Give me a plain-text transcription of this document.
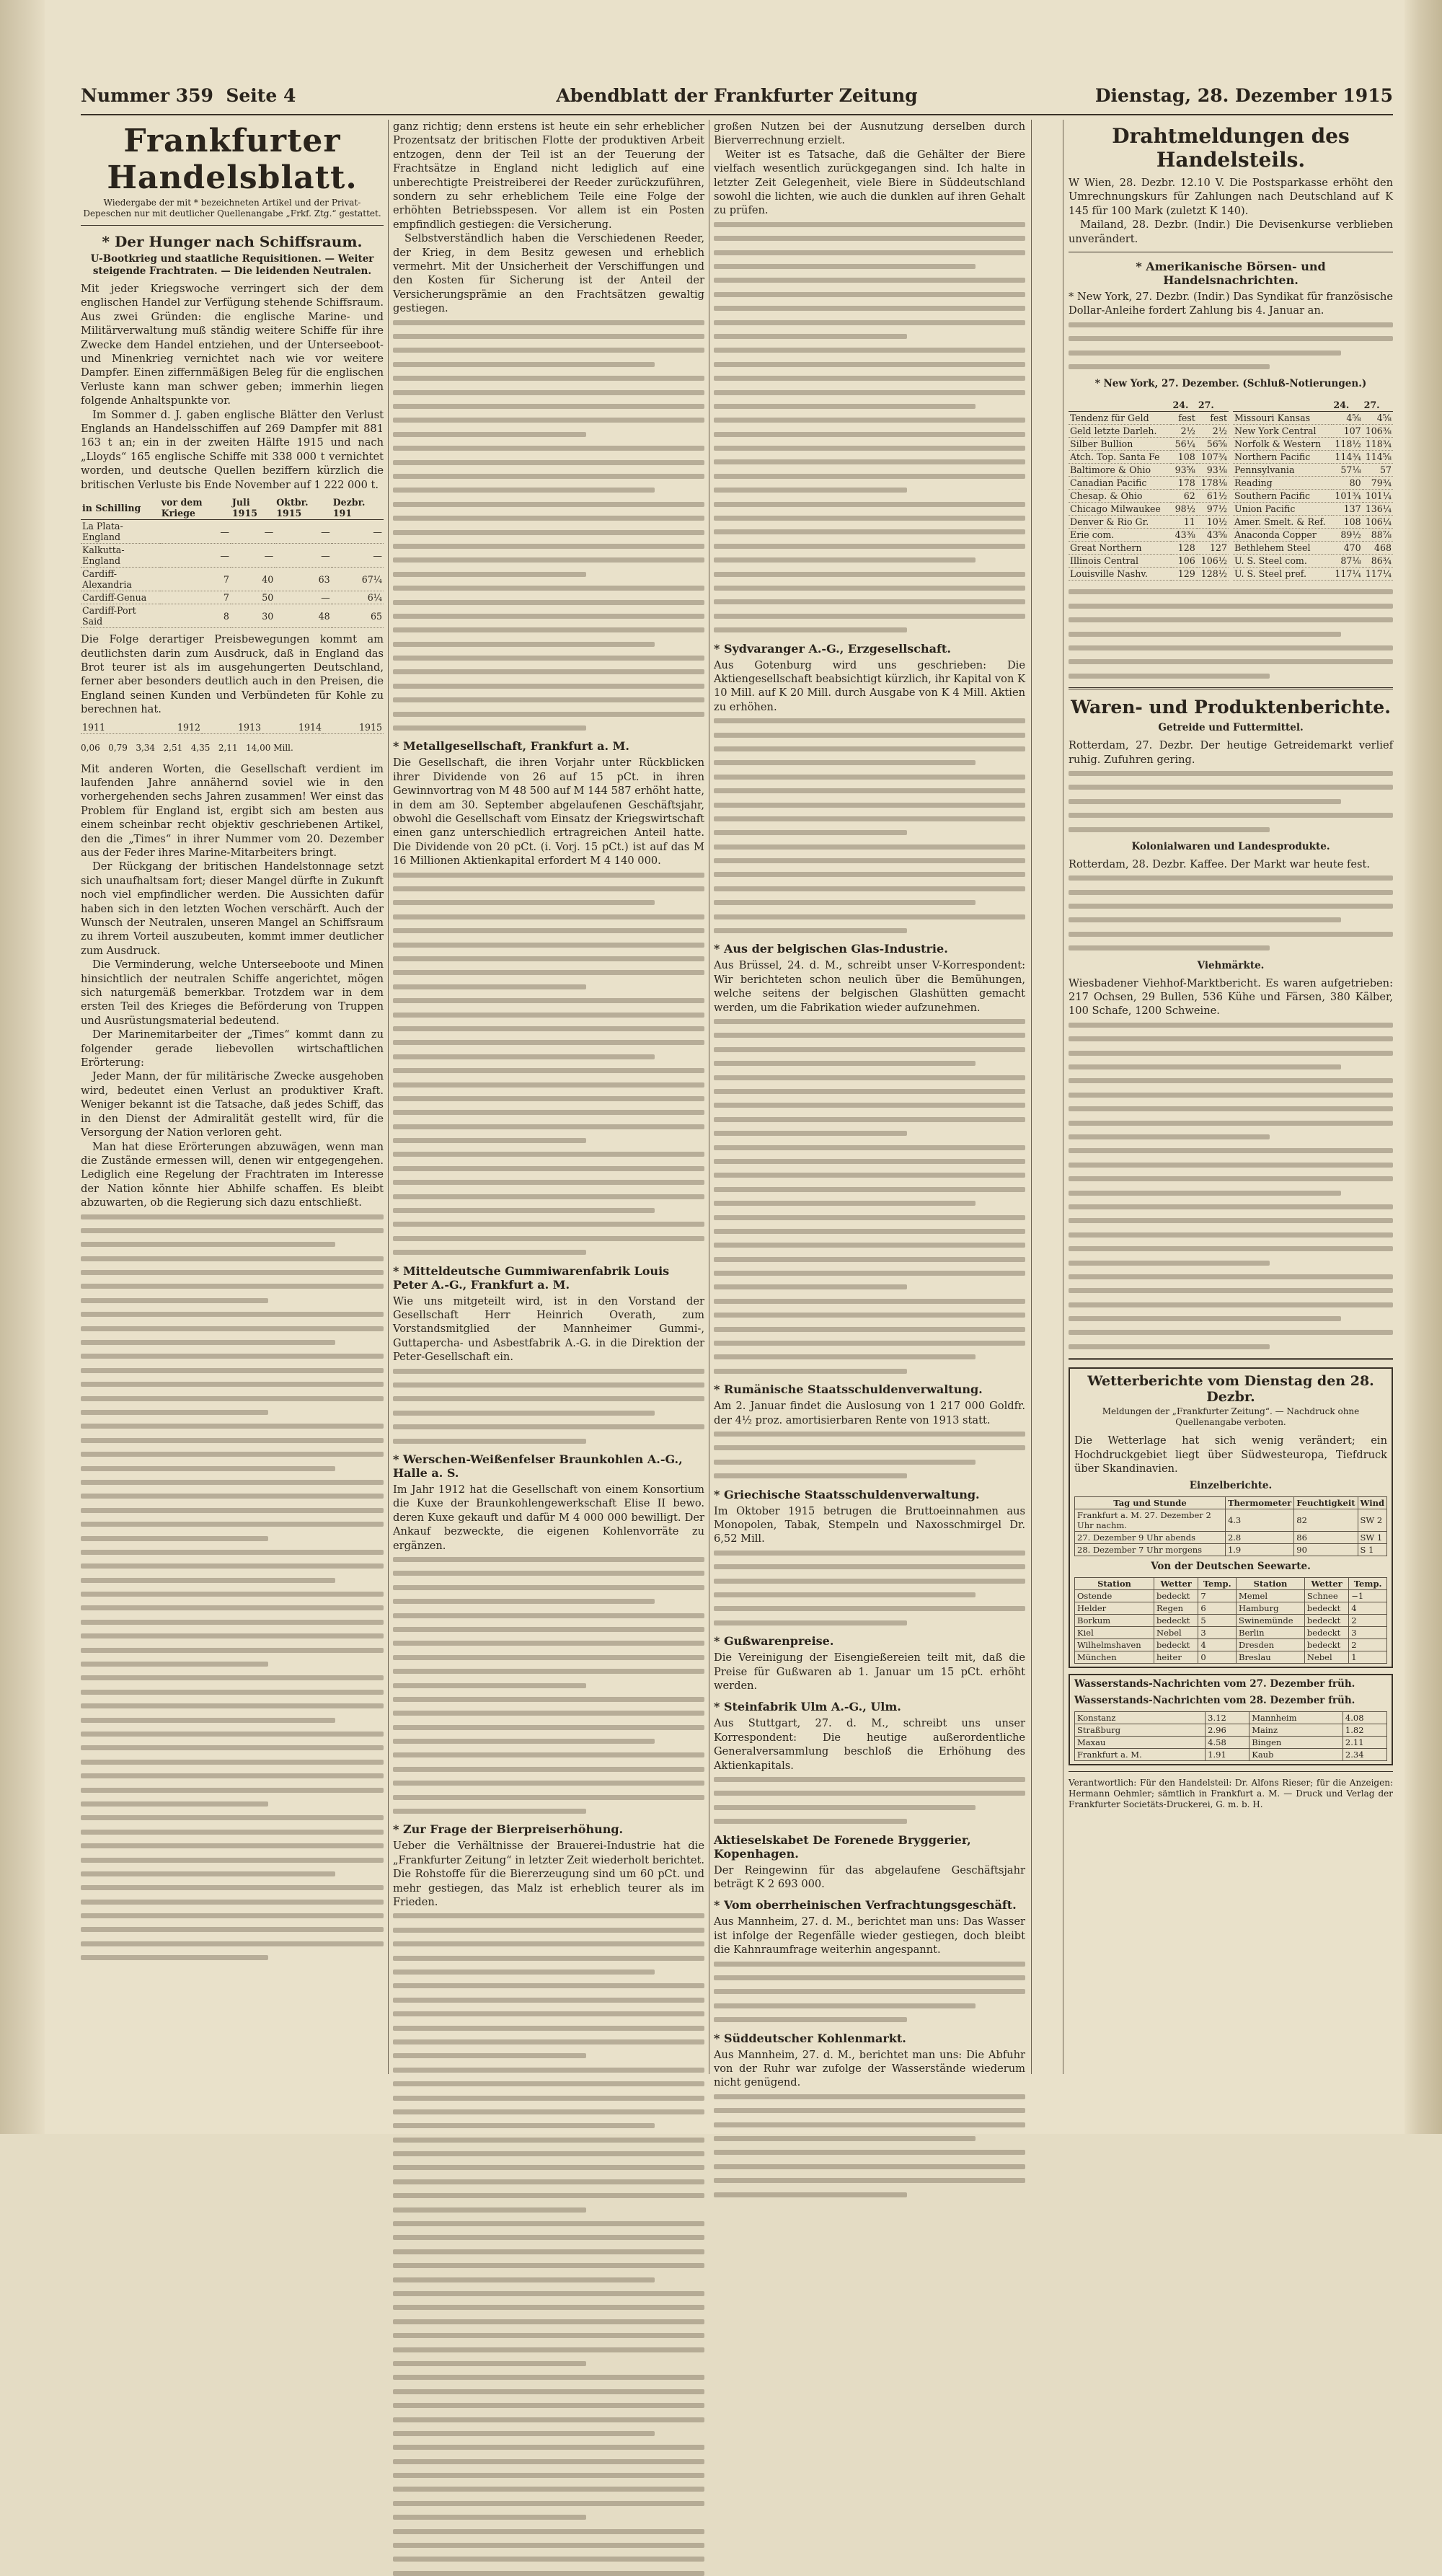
Nummer 359 Seite 4	Abendblatt der Frankfurter Zeitung	Dienstag, 28. Dezember 1915
Frankfurter Handelsblatt.

Wiedergabe der mit * bezeichneten Artikel und der Privat-Depeschen nur mit deutlicher Quellenangabe „Frkf. Ztg.“ gestattet.

* Der Hunger nach Schiffsraum.

U-Bootkrieg und staatliche Requisitionen. — Weiter steigende Frachtraten. — Die leidenden Neutralen.

Mit jeder Kriegswoche verringert sich der dem englischen Handel zur Verfügung stehende Schiffsraum. Aus zwei Gründen: die englische Marine- und Militärverwaltung muß ständig weitere Schiffe für ihre Zwecke dem Handel entziehen, und der Unterseeboot- und Minenkrieg vernichtet nach wie vor weitere Dampfer. Einen ziffernmäßigen Beleg für die englischen Verluste kann man schwer geben; immerhin liegen folgende Anhaltspunkte vor.

Im Sommer d. J. gaben englische Blätter den Verlust Englands an Handelsschiffen auf 269 Dampfer mit 881 163 t an; ein in der zweiten Hälfte 1915 und nach „Lloyds“ 165 englische Schiffe mit 338 000 t vernichtet worden, und deutsche Quellen beziffern kürzlich die britischen Verluste bis Ende November auf 1 222 000 t.

in Schilling	vor dem Kriege	Juli 1915	Oktbr. 1915	Dezbr. 191
La Plata-England	—	—	—	—
Kalkutta-England	—	—	—	—
Cardiff-Alexandria	7	40	63	67¼
Cardiff-Genua	7	50	—	6¼
Cardiff-Port Said	8	30	48	65

Die Folge derartiger Preisbewegungen kommt am deutlichsten darin zum Ausdruck, daß in England das Brot teurer ist als im ausgehungerten Deutschland, ferner aber besonders deutlich auch in den Preisen, die England seinen Kunden und Verbündeten für Kohle zu berechnen hat.

1911	1912	1913	1914	1915

0,06 0,79 3,34 2,51 4,35 2,11 14,00 Mill.

Mit anderen Worten, die Gesellschaft verdient im laufenden Jahre annähernd soviel wie in den vorhergehenden sechs Jahren zusammen! Wer einst das Problem für England ist, ergibt sich am besten aus einem scheinbar recht objektiv geschriebenen Artikel, den die „Times“ in ihrer Nummer vom 20. Dezember aus der Feder ihres Marine-Mitarbeiters bringt.

Der Rückgang der britischen Handelstonnage setzt sich unaufhaltsam fort; dieser Mangel dürfte in Zukunft noch viel empfindlicher werden. Die Aussichten dafür haben sich in den letzten Wochen verschärft. Auch der Wunsch der Neutralen, unseren Mangel an Schiffsraum zu ihrem Vorteil auszubeuten, kommt immer deutlicher zum Ausdruck.

Die Verminderung, welche Unterseeboote und Minen hinsichtlich der neutralen Schiffe angerichtet, mögen sich naturgemäß bemerkbar. Trotzdem war in dem ersten Teil des Krieges die Beförderung von Truppen und Ausrüstungsmaterial bedeutend.

Der Marinemitarbeiter der „Times“ kommt dann zu folgender gerade liebevollen wirtschaftlichen Erörterung:

Jeder Mann, der für militärische Zwecke ausgehoben wird, bedeutet einen Verlust an produktiver Kraft. Weniger bekannt ist die Tatsache, daß jedes Schiff, das in den Dienst der Admiralität gestellt wird, für die Versorgung der Nation verloren geht.

Man hat diese Erörterungen abzuwägen, wenn man die Zustände ermessen will, denen wir entgegengehen. Lediglich eine Regelung der Frachtraten im Interesse der Nation könnte hier Abhilfe schaffen. Es bleibt abzuwarten, ob die Regierung sich dazu entschließt.

ganz richtig; denn erstens ist heute ein sehr erheblicher Prozentsatz der britischen Flotte der produktiven Arbeit entzogen, denn der Teil ist an der Teuerung der Frachtsätze in England nicht lediglich auf eine unberechtigte Preistreiberei der Reeder zurückzuführen, sondern zu sehr erheblichem Teile eine Folge der erhöhten Betriebsspesen. Vor allem ist ein Posten empfindlich gestiegen: die Versicherung.

Selbstverständlich haben die Verschiedenen Reeder, der Krieg, in dem Besitz gewesen und erheblich vermehrt. Mit der Unsicherheit der Verschiffungen und den Kosten für Sicherung ist der Anteil der Versicherungsprämie an den Frachtsätzen gewaltig gestiegen.

* Metallgesellschaft, Frankfurt a. M.

Die Gesellschaft, die ihren Vorjahr unter Rückblicken ihrer Dividende von 26 auf 15 pCt. in ihren Gewinnvortrag von M 48 500 auf M 144 587 erhöht hatte, in dem am 30. September abgelaufenen Geschäftsjahr, obwohl die Gesellschaft vom Einsatz der Kriegswirtschaft einen ganz unterschiedlich ertragreichen Anteil hatte. Die Dividende von 20 pCt. (i. Vorj. 15 pCt.) ist auf das M 16 Millionen Aktienkapital erfordert M 4 140 000.

* Mitteldeutsche Gummiwarenfabrik Louis Peter A.-G., Frankfurt a. M.

Wie uns mitgeteilt wird, ist in den Vorstand der Gesellschaft Herr Heinrich Overath, zum Vorstandsmitglied der Mannheimer Gummi-, Guttapercha- und Asbestfabrik A.-G. in die Direktion der Peter-Gesellschaft ein.

* Werschen-Weißenfelser Braunkohlen A.-G., Halle a. S.

Im Jahr 1912 hat die Gesellschaft von einem Konsortium die Kuxe der Braunkohlengewerkschaft Elise II bewo. deren Kuxe gekauft und dafür M 4 000 000 bewilligt. Der Ankauf bezweckte, die eigenen Kohlenvorräte zu ergänzen.

* Zur Frage der Bierpreiserhöhung.

Ueber die Verhältnisse der Brauerei-Industrie hat die „Frankfurter Zeitung“ in letzter Zeit wiederholt berichtet. Die Rohstoffe für die Biererzeugung sind um 60 pCt. und mehr gestiegen, das Malz ist erheblich teurer als im Frieden.

großen Nutzen bei der Ausnutzung derselben durch Bierverrechnung erzielt.

Weiter ist es Tatsache, daß die Gehälter der Biere vielfach wesentlich zurückgegangen sind. Ich halte in letzter Zeit Gelegenheit, viele Biere in Süddeutschland sowohl die lichten, wie auch die dunklen auf ihren Gehalt zu prüfen.

* Sydvaranger A.-G., Erzgesellschaft.

Aus Gotenburg wird uns geschrieben: Die Aktiengesellschaft beabsichtigt kürzlich, ihr Kapital von K 10 Mill. auf K 20 Mill. durch Ausgabe von K 4 Mill. Aktien zu erhöhen.

* Aus der belgischen Glas-Industrie.

Aus Brüssel, 24. d. M., schreibt unser V-Korrespondent: Wir berichteten schon neulich über die Bemühungen, welche seitens der belgischen Glashütten gemacht werden, um die Fabrikation wieder aufzunehmen.

* Rumänische Staatsschuldenverwaltung.

Am 2. Januar findet die Auslosung von 1 217 000 Goldfr. der 4½ proz. amortisierbaren Rente von 1913 statt.

* Griechische Staatsschuldenverwaltung.

Im Oktober 1915 betrugen die Bruttoeinnahmen aus Monopolen, Tabak, Stempeln und Naxosschmirgel Dr. 6,52 Mill.

* Gußwarenpreise.

Die Vereinigung der Eisengießereien teilt mit, daß die Preise für Gußwaren ab 1. Januar um 15 pCt. erhöht werden.

* Steinfabrik Ulm A.-G., Ulm.

Aus Stuttgart, 27. d. M., schreibt uns unser Korrespondent: Die heutige außerordentliche Generalversammlung beschloß die Erhöhung des Aktienkapitals.

Aktieselskabet De Forenede Bryggerier, Kopenhagen.

Der Reingewinn für das abgelaufene Geschäftsjahr beträgt K 2 693 000.

* Vom oberrheinischen Verfrachtungsgeschäft.

Aus Mannheim, 27. d. M., berichtet man uns: Das Wasser ist infolge der Regenfälle wieder gestiegen, doch bleibt die Kahnraumfrage weiterhin angespannt.

* Süddeutscher Kohlenmarkt.

Aus Mannheim, 27. d. M., berichtet man uns: Die Abfuhr von der Ruhr war zufolge der Wasserstände wiederum nicht genügend.

Drahtmeldungen des Handelsteils.

W Wien, 28. Dezbr. 12.10 V. Die Postsparkasse erhöht den Umrechnungskurs für Zahlungen nach Deutschland auf K 145 für 100 Mark (zuletzt K 140).

Mailand, 28. Dezbr. (Indir.) Die Devisenkurse verblieben unverändert.

* Amerikanische Börsen- und Handelsnachrichten.

* New York, 27. Dezbr. (Indir.) Das Syndikat für französische Dollar-Anleihe fordert Zahlung bis 4. Januar an.

* New York, 27. Dezember. (Schluß-Notierungen.)

	24.	27.
Tendenz für Geld	fest	fest
Geld letzte Darleh.	2½	2½
Silber Bullion	56¼	56⅝
Atch. Top. Santa Fe	108	107¾
Baltimore & Ohio	93⅝	93⅛
Canadian Pacific	178	178⅛
Chesap. & Ohio	62	61½
Chicago Milwaukee	98½	97½
Denver & Rio Gr.	11	10½
Erie com.	43⅜	43⅝
Great Northern	128	127
Illinois Central	106	106½
Louisville Nashv.	129	128½
	24.	27.
Missouri Kansas	4⅝	4⅝
New York Central	107	106⅜
Norfolk & Western	118½	118¾
Northern Pacific	114¾	114⅝
Pennsylvania	57⅛	57
Reading	80	79¾
Southern Pacific	101¾	101¼
Union Pacific	137	136¼
Amer. Smelt. & Ref.	108	106¼
Anaconda Copper	89½	88⅞
Bethlehem Steel	470	468
U. S. Steel com.	87⅛	86¾
U. S. Steel pref.	117¼	117¼
Waren- und Produktenberichte.

Getreide und Futtermittel.

Rotterdam, 27. Dezbr. Der heutige Getreidemarkt verlief ruhig. Zufuhren gering.

Kolonialwaren und Landesprodukte.

Rotterdam, 28. Dezbr. Kaffee. Der Markt war heute fest.

Viehmärkte.

Wiesbadener Viehhof-Marktbericht. Es waren aufgetrieben: 217 Ochsen, 29 Bullen, 536 Kühe und Färsen, 380 Kälber, 100 Schafe, 1200 Schweine.

Wetterberichte vom Dienstag den 28. Dezbr.

Meldungen der „Frankfurter Zeitung“. — Nachdruck ohne Quellenangabe verboten.

Die Wetterlage hat sich wenig verändert; ein Hochdruckgebiet liegt über Südwesteuropa, Tiefdruck über Skandinavien.

Einzelberichte.

Tag und Stunde	Thermometer	Feuchtigkeit	Wind
Frankfurt a. M. 27. Dezember 2 Uhr nachm.	4.3	82	SW 2
27. Dezember 9 Uhr abends	2.8	86	SW 1
28. Dezember 7 Uhr morgens	1.9	90	S 1

Von der Deutschen Seewarte.

Station	Wetter	Temp.	Station	Wetter	Temp.
Ostende	bedeckt	7	Memel	Schnee	−1
Helder	Regen	6	Hamburg	bedeckt	4
Borkum	bedeckt	5	Swinemünde	bedeckt	2
Kiel	Nebel	3	Berlin	bedeckt	3
Wilhelmshaven	bedeckt	4	Dresden	bedeckt	2
München	heiter	0	Breslau	Nebel	1

Wasserstands-Nachrichten vom 27. Dezember früh.

Wasserstands-Nachrichten vom 28. Dezember früh.

Konstanz	3.12	Mannheim	4.08
Straßburg	2.96	Mainz	1.82
Maxau	4.58	Bingen	2.11
Frankfurt a. M.	1.91	Kaub	2.34

Verantwortlich: Für den Handelsteil: Dr. Alfons Rieser; für die Anzeigen: Hermann Oehmler; sämtlich in Frankfurt a. M. — Druck und Verlag der Frankfurter Societäts-Druckerei, G. m. b. H.
